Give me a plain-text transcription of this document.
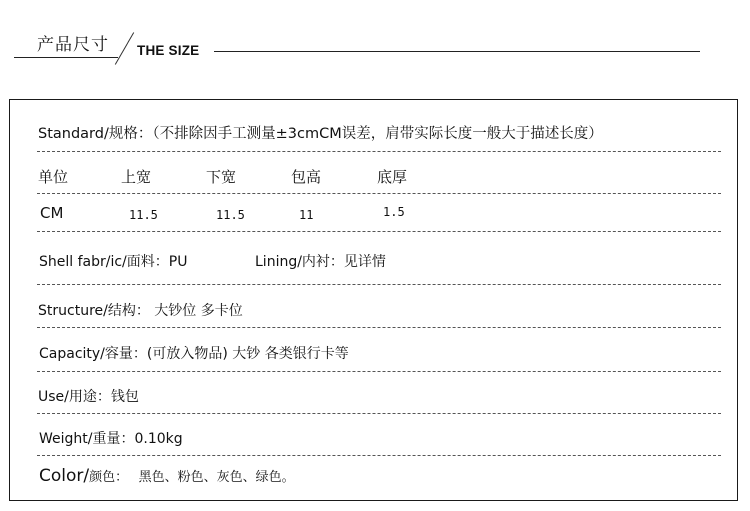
产品尺寸 THE SIZE
Standard/规格：（不排除因手工测量±3cmCM误差，肩带实际长度一般大于描述长度）
单位	上宽	下宽	包高	底厚
CM	11.5	11.5	11	1.5
Shell fabr/ic/面料：PU	Lining/内衬：见详情
Structure/结构： 大钞位 多卡位
Capacity/容量：(可放入物品) 大钞 各类银行卡等
Use/用途：钱包
Weight/重量：0.10kg
Color/颜色： 黑色、粉色、灰色、绿色。
